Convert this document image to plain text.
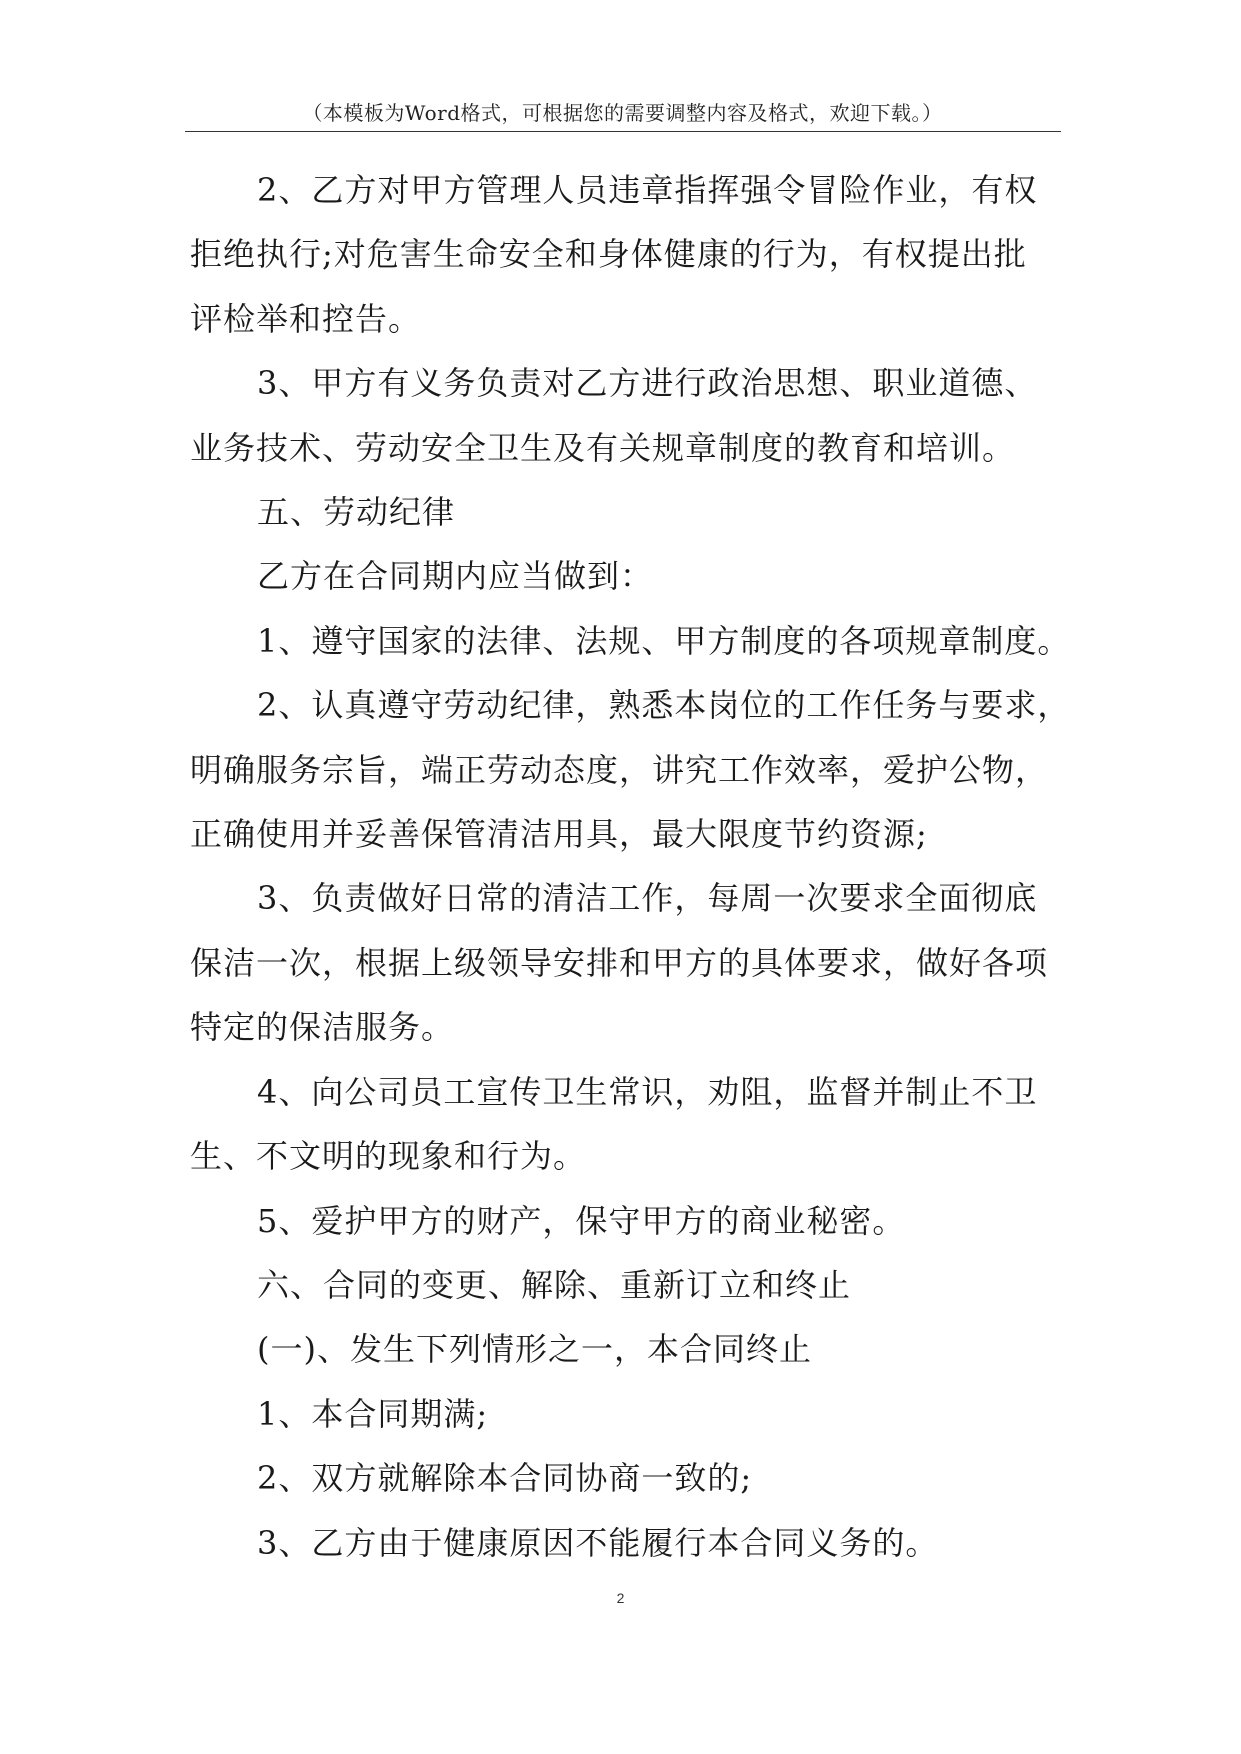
（本模板为Word格式，可根据您的需要调整内容及格式，欢迎下载。）

2、乙方对甲方管理人员违章指挥强令冒险作业，有权
拒绝执行;对危害生命安全和身体健康的行为，有权提出批
评检举和控告。

3、甲方有义务负责对乙方进行政治思想、职业道德、
业务技术、劳动安全卫生及有关规章制度的教育和培训。

五、劳动纪律

乙方在合同期内应当做到：

1、遵守国家的法律、法规、甲方制度的各项规章制度。

2、认真遵守劳动纪律，熟悉本岗位的工作任务与要求，
明确服务宗旨，端正劳动态度，讲究工作效率，爱护公物，
正确使用并妥善保管清洁用具，最大限度节约资源;

3、负责做好日常的清洁工作，每周一次要求全面彻底
保洁一次，根据上级领导安排和甲方的具体要求，做好各项
特定的保洁服务。

4、向公司员工宣传卫生常识，劝阻，监督并制止不卫
生、不文明的现象和行为。

5、爱护甲方的财产，保守甲方的商业秘密。

六、合同的变更、解除、重新订立和终止

(一)、发生下列情形之一，本合同终止

1、本合同期满;

2、双方就解除本合同协商一致的;

3、乙方由于健康原因不能履行本合同义务的。

2
